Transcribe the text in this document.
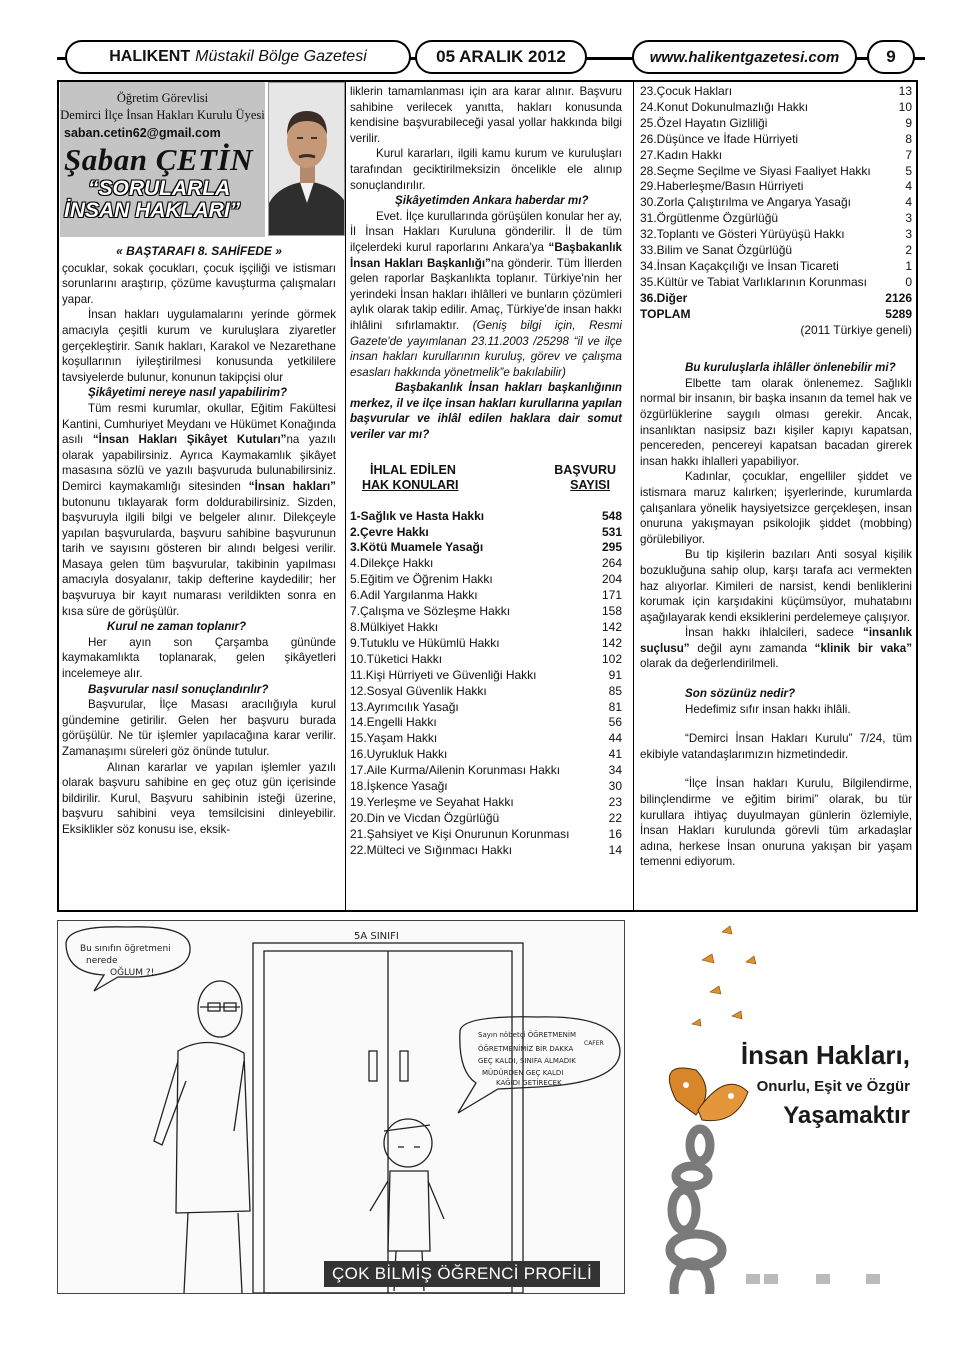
HALIKENT Müstakil Bölge Gazetesi	05 ARALIK 2012	www.halikentgazetesi.com	9
Öğretim Görevlisi
Demirci İlçe İnsan Hakları Kurulu Üyesi
saban.cetin62@gmail.com
Şaban ÇETİN
“SORULARLA
İNSAN HAKLARI”
« BAŞTARAFI 8. SAHİFEDE »

çocuklar, sokak çocukları, çocuk işçiliği ve istismarı sorunlarını araştırıp, çözüme kavuşturma çalışmaları yapar.

İnsan hakları uygulamalarını yerinde görmek amacıyla çeşitli kurum ve kuruluşlara ziyaretler gerçekleştirir. Sanık hakları, Karakol ve Nezarethane koşullarının iyileştirilmesi konusunda yetkililere tavsiyelerde bulunur, konunun takipçisi olur

Şikâyetimi nereye nasıl yapabilirim?

Tüm resmi kurumlar, okullar, Eğitim Fakültesi Kantini, Cumhuriyet Meydanı ve Hükümet Konağında asılı “İnsan Hakları Şikâyet Kutuları”na yazılı olarak yapabilirsiniz. Ayrıca Kaymakamlık şikâyet masasına sözlü ve yazılı başvuruda bulunabilirsiniz. Demirci kaymakamlığı sitesinden “İnsan hakları” butonunu tıklayarak form doldurabilirsiniz. Sizden, başvuruyla ilgili bilgi ve belgeler alınır. Dilekçeyle yapılan başvurularda, başvuru sahibine başvurunun tarih ve sayısını gösteren bir alındı belgesi verilir. Masaya gelen tüm başvurular, takibinin yapılması amacıyla dosyalanır, takip defterine kaydedilir; her başvuruya bir kayıt numarası verildikten sonra en kısa süre de görüşülür.

Kurul ne zaman toplanır?

Her ayın son Çarşamba gününde kaymakamlıkta toplanarak, gelen şikâyetleri incelemeye alır.

Başvurular nasıl sonuçlandırılır?

Başvurular, İlçe Masası aracılığıyla kurul gündemine getirilir. Gelen her başvuru burada görüşülür. Ne tür işlemler yapılacağına karar verilir. Zamanaşımı süreleri göz önünde tutulur.

Alınan kararlar ve yapılan işlemler yazılı olarak başvuru sahibine en geç otuz gün içerisinde bildirilir. Kurul, Başvuru sahibinin isteği üzerine, başvuru sahibini veya temsilcisini dinleyebilir. Eksiklikler söz konusu ise, eksik-

liklerin tamamlanması için ara karar alınır. Başvuru sahibine verilecek yanıtta, hakları konusunda kendisine başvurabileceği yasal yollar hakkında bilgi verilir.

Kurul kararları, ilgili kamu kurum ve kuruluşları tarafından geciktirilmeksizin öncelikle ele alınıp sonuçlandırılır.

Şikâyetimden Ankara haberdar mı?

Evet. İlçe kurullarında görüşülen konular her ay, İl İnsan Hakları Kuruluna gönderilir. İl de tüm ilçelerdeki kurul raporlarını Ankara'ya “Başbakanlık İnsan Hakları Başkanlığı”na gönderir. Tüm İllerden gelen raporlar Başkanlıkta toplanır. Türkiye'nin her yerindeki İnsan hakları ihlâlleri ve bunların çözümleri aylık olarak takip edilir. Amaç, Türkiye'de insan hakkı ihlâlini sıfırlamaktır. (Geniş bilgi için, Resmi Gazete'de yayımlanan 23.11.2003 /25298 “il ve ilçe insan hakları kurullarının kuruluş, görev ve çalışma esasları hakkında yönetmelik”e bakılabilir)

Başbakanlık İnsan hakları başkanlığının merkez, il ve ilçe insan hakları kurullarına yapılan başvurular ve ihlâl edilen haklara dair somut veriler var mı?

İHLAL EDİLEN	BAŞVURU
HAK KONULARI	SAYISI
1-Sağlık ve Hasta Hakkı	548
2.Çevre Hakkı	531
3.Kötü Muamele Yasağı	295
4.Dilekçe Hakkı	264
5.Eğitim ve Öğrenim Hakkı	204
6.Adil Yargılanma Hakkı	171
7.Çalışma ve Sözleşme Hakkı	158
8.Mülkiyet Hakkı	142
9.Tutuklu ve Hükümlü Hakkı	142
10.Tüketici Hakkı	102
11.Kişi Hürriyeti ve Güvenliği Hakkı	91
12.Sosyal Güvenlik Hakkı	85
13.Ayrımcılık Yasağı	81
14.Engelli Hakkı	56
15.Yaşam Hakkı	44
16.Uyrukluk Hakkı	41
17.Aile Kurma/Ailenin Korunması Hakkı	34
18.İşkence Yasağı	30
19.Yerleşme ve Seyahat Hakkı	23
20.Din ve Vicdan Özgürlüğü	22
21.Şahsiyet ve Kişi Onurunun Korunması	16
22.Mülteci ve Sığınmacı Hakkı	14
23.Çocuk Hakları	13
24.Konut Dokunulmazlığı Hakkı	10
25.Özel Hayatın Gizliliği	9
26.Düşünce ve İfade Hürriyeti	8
27.Kadın Hakkı	7
28.Seçme Seçilme ve Siyasi Faaliyet Hakkı	5
29.Haberleşme/Basın Hürriyeti	4
30.Zorla Çalıştırılma ve Angarya Yasağı	4
31.Örgütlenme Özgürlüğü	3
32.Toplantı ve Gösteri Yürüyüşü Hakkı	3
33.Bilim ve Sanat Özgürlüğü	2
34.İnsan Kaçakçılığı ve İnsan Ticareti	1
35.Kültür ve Tabiat Varlıklarının Korunması	0
36.Diğer	2126
TOPLAM	5289

(2011 Türkiye geneli)

Bu kuruluşlarla ihlâller önlenebilir mi?

Elbette tam olarak önlenemez. Sağlıklı normal bir insanın, bir başka insanın da temel hak ve özgürlüklerine saygılı olması gerekir. Ancak, insanlıktan nasipsiz bazı kişiler kapıyı kapatsan, pencereden, pencereyi kapatsan bacadan girerek insan hakkı ihlalleri yapabiliyor.

Kadınlar, çocuklar, engelliler şiddet ve istismara maruz kalırken; işyerlerinde, kurumlarda çalışanlara yönelik haysiyetsizce gerçekleşen, insan onuruna yakışmayan psikolojik şiddet (mobbing) görülebiliyor.

Bu tip kişilerin bazıları Anti sosyal kişilik bozukluğuna sahip olup, karşı tarafa acı vermekten haz alıyorlar. Kimileri de narsist, kendi benliklerini korumak için karşıdakini küçümsüyor, muhatabını aşağılayarak kendi eksiklerini perdelemeye çalışıyor.

İnsan hakkı ihlalcileri, sadece “insanlık suçlusu” değil aynı zamanda “klinik bir vaka” olarak da değerlendirilmeli.

Son sözünüz nedir?

Hedefimiz sıfır insan hakkı ihlâli.

“Demirci İnsan Hakları Kurulu” 7/24, tüm ekibiyle vatandaşlarımızın hizmetindedir.

“İlçe İnsan hakları Kurulu, Bilgilendirme, bilinçlendirme ve eğitim birimi” olarak, bu tür kurullara ihtiyaç duyulmayan günlerin özlemiyle, İnsan Hakları kurulunda görevli tüm arkadaşlar adına, herkese İnsan onuruna yakışan bir yaşam temenni ediyorum.

Bu sınıfın öğretmeni
nerede
OĞLUM ?!..
5A SINIFI
Sayın nöbetçi ÖĞRETMENİM
CAFER
ÖĞRETMENİMİZ BİR DAKKA
GEÇ KALDI, SINIFA ALMADIK
MÜDÜRDEN GEÇ KALDI
KAĞIDI GETİRECEK
ÇOK BİLMİŞ ÖĞRENCİ PROFİLİ
İnsan Hakları,
Onurlu, Eşit ve Özgür
Yaşamaktır
